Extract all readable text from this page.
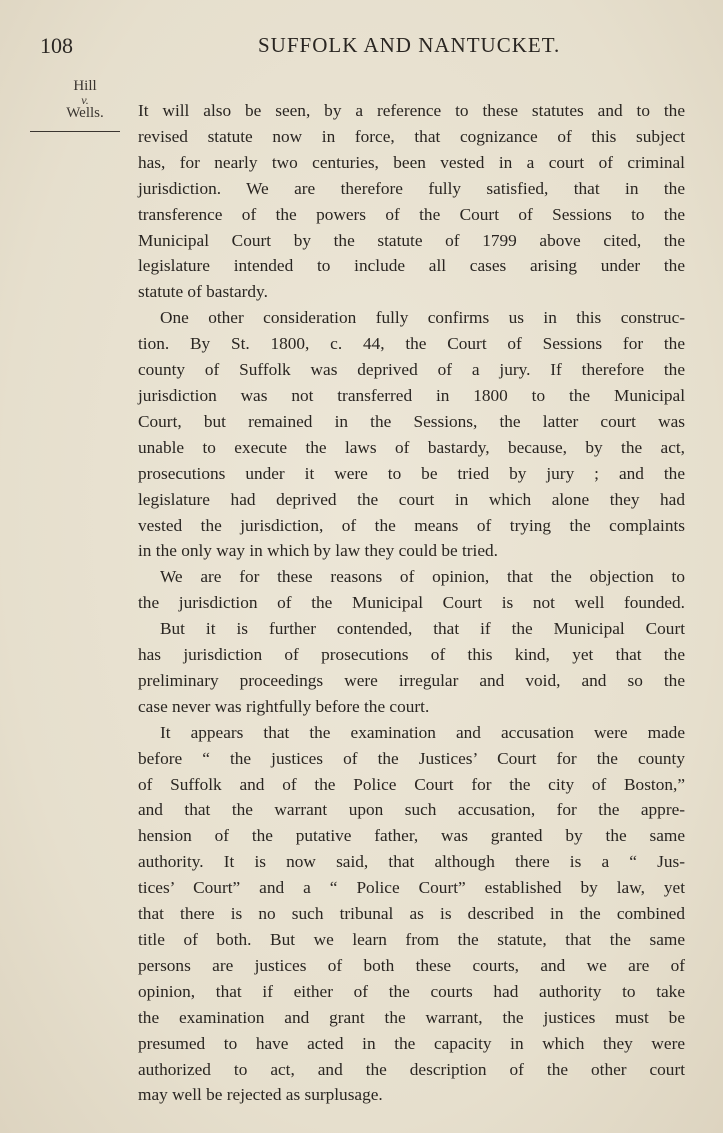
108	SUFFOLK AND NANTUCKET.
Hill
v.
Wells.	It will also be seen, by a reference to these statutes and to the
revised statute now in force, that cognizance of this subject
has, for nearly two centuries, been vested in a court of criminal
jurisdiction. We are therefore fully satisfied, that in the
transference of the powers of the Court of Sessions to the
Municipal Court by the statute of 1799 above cited, the
legislature intended to include all cases arising under the
statute of bastardy.
One other consideration fully confirms us in this construc-
tion. By St. 1800, c. 44, the Court of Sessions for the
county of Suffolk was deprived of a jury. If therefore the
jurisdiction was not transferred in 1800 to the Municipal
Court, but remained in the Sessions, the latter court was
unable to execute the laws of bastardy, because, by the act,
prosecutions under it were to be tried by jury ; and the
legislature had deprived the court in which alone they had
vested the jurisdiction, of the means of trying the complaints
in the only way in which by law they could be tried.
We are for these reasons of opinion, that the objection to
the jurisdiction of the Municipal Court is not well founded.
But it is further contended, that if the Municipal Court
has jurisdiction of prosecutions of this kind, yet that the
preliminary proceedings were irregular and void, and so the
case never was rightfully before the court.
It appears that the examination and accusation were made
before “ the justices of the Justices’ Court for the county
of Suffolk and of the Police Court for the city of Boston,”
and that the warrant upon such accusation, for the appre-
hension of the putative father, was granted by the same
authority. It is now said, that although there is a “ Jus-
tices’ Court” and a “ Police Court” established by law, yet
that there is no such tribunal as is described in the combined
title of both. But we learn from the statute, that the same
persons are justices of both these courts, and we are of
opinion, that if either of the courts had authority to take
the examination and grant the warrant, the justices must be
presumed to have acted in the capacity in which they were
authorized to act, and the description of the other court
may well be rejected as surplusage.
